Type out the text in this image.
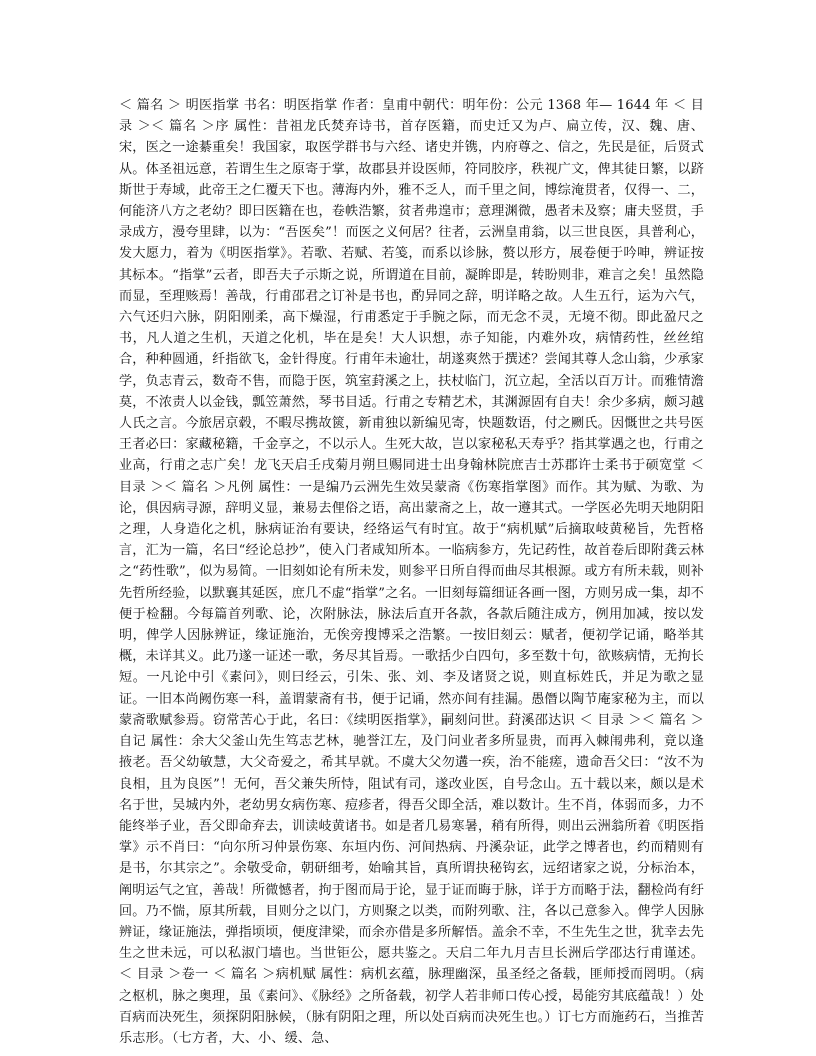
＜ 篇名 ＞ 明医指掌 书名：明医指掌 作者：皇甫中朝代：明年份：公元 1368 年— 1644 年 ＜ 目录 ＞＜ 篇名 ＞序 属性：昔祖龙氏焚弃诗书，首存医籍，而史迁又为卢、扁立传，汉、魏、唐、宋，医之一途綦重矣！我国家，取医学群书与六经、诸史并镌，内府尊之、信之，先民是征，后贤式从。体圣祖远意，若谓生生之原寄于掌，故郡县并设医师，符同胶序，秩视广文，俾其徒日繁，以跻斯世于寿域，此帝王之仁覆天下也。薄海内外，雅不乏人，而千里之间，博综淹贯者，仅得一、二，何能济八方之老幼？即曰医籍在也，卷帙浩繁，贫者弗遑市；意理渊微，愚者未及察；庸夫竖贯，手录成方，漫夸里肆，以为：“吾医矣”！而医之义何居？往者，云洲皇甫翁，以三世良医，具普利心，发大愿力，着为《明医指掌》。若歌、若赋、若笺，而系以诊脉，赘以形方，展卷便于吟呻，辨证按其标本。“指掌”云者，即吾夫子示斯之说，所谓道在目前，凝眸即是，转盼则非，难言之矣！虽然隐而显，至理赅焉！善哉，行甫邵君之订补是书也，酌异同之辞，明详略之故。人生五行，运为六气，六气还归六脉，阴阳刚柔，高下燥湿，行甫悉定于手腕之际，而无念不灵，无境不彻。即此盈尺之书，凡人道之生机，天道之化机，毕在是矣！大人识想，赤子知能，内难外攻，病情药性，丝丝绾合，种种圆通，纤指欲飞，金针得度。行甫年未逾壮，胡遂爽然于撰述？尝闻其尊人念山翁，少承家学，负志青云，数奇不售，而隐于医，筑室葑溪之上，扶杖临门，沉立起，全活以百万计。而雅情澹莫，不浓责人以金钱，瓢笠萧然，琴书目适。行甫之专精艺术，其渊源固有自夫！余少多病，颇习越人氏之言。今旅居京毂，不暇尽携故篋，新甫独以新编见寄，快题数语，付之劂氏。因慨世之共号医王者必曰：家藏秘籍，千金享之，不以示人。生死大故，岂以家秘私天寿乎？指其掌遇之也，行甫之业高，行甫之志广矣！龙飞天启壬戌菊月朔旦赐同进士出身翰林院庶吉士苏郡许士柔书于硕宽堂 ＜ 目录 ＞＜ 篇名 ＞凡例 属性：一是编乃云洲先生效吴蒙斋《伤寒指掌图》而作。其为赋、为歌、为论，俱因病寻源，辞明义显，兼易去俚俗之语，高出蒙斋之上，故一遵其式。一学医必先明天地阴阳之理，人身造化之机，脉病证治有要诀，经络运气有时宜。故于“病机赋”后摘取岐黄秘旨，先哲格言，汇为一篇，名曰“经论总抄”，使入门者咸知所本。一临病参方，先记药性，故首卷后即附龚云林之“药性歌”，似为易简。一旧刻如论有所未发，则参平日所自得而曲尽其根源。或方有所未载，则补先哲所经验，以默襄其延医，庶几不虚“指掌”之名。一旧刻每篇细证各画一图，方则另成一集，却不便于检翻。今每篇首列歌、论，次附脉法，脉法后直开各款，各款后随注成方，例用加减，按以发明，俾学人因脉辨证，缘证施治，无俟旁搜博采之浩繁。一按旧刻云：赋者，便初学记诵，略举其概，未详其义。此乃遂一证述一歌，务尽其旨焉。一歌括少白四句，多至数十句，欲赅病情，无拘长短。一凡论中引《素问》，则曰经云，引朱、张、刘、李及诸贤之说，则直标姓氏，并足为歌之显证。一旧本尚阙伤寒一科，盖谓蒙斋有书，便于记诵，然亦间有挂漏。愚僭以陶节庵家秘为主，而以蒙斋歌赋参焉。窃常苦心于此，名曰：《续明医指掌》，嗣刻问世。葑溪邵达识 ＜ 目录 ＞＜ 篇名 ＞自记 属性：余大父釜山先生笃志艺林，驰誉江左，及门问业者多所显贵，而再入棘闱弗利，竟以逢掖老。吾父幼敏慧，大父奇爱之，希其早就。不虞大父勿遘一疾，治不能瘥，遗命吾父曰：“汝不为良相，且为良医”！无何，吾父兼失所恃，阻试有司，遂改业医，自号念山。五十载以来，颇以是术名于世，吴城内外，老幼男女病伤寒、痘疹者，得吾父即全活，难以数计。生不肖，体弱而多，力不能终举子业，吾父即命弃去，训读岐黄诸书。如是者几易寒暑，稍有所得，则出云洲翁所着《明医指掌》示不肖曰：“向尔所习仲景伤寒、东垣内伤、河间热病、丹溪杂证，此学之博者也，约而精则有是书，尔其宗之”。余敬受命，朝研细考，始喻其旨，真所谓抉秘钩玄，远绍诸家之说，分标治本，阐明运气之宜，善哉！所微憾者，拘于图而局于论，显于证而晦于脉，详于方而略于法，翻检尚有纡回。乃不惴，原其所载，目则分之以门，方则聚之以类，而附列歌、注，各以己意参入。俾学人因脉辨证，缘证施法，弹指顷顷，便度津梁，而余亦借是多所解悟。盖余不幸，不生先生之世，犹幸去先生之世未远，可以私淑门墙也。当世钜公，愿共鉴之。天启二年九月吉旦长洲后学邵达行甫谨述。 ＜ 目录 ＞卷一 ＜ 篇名 ＞病机赋 属性：病机玄蕴，脉理幽深，虽圣经之备载，匪师授而罔明。（病之枢机，脉之奥理，虽《素问》、《脉经》之所备载，初学人若非师口传心授，曷能穷其底蕴哉！）处百病而决死生，须探阴阳脉候，（脉有阴阳之理，所以处百病而决死生也。）订七方而施药石，当推苦乐志形。（七方者，大、小、缓、急、
